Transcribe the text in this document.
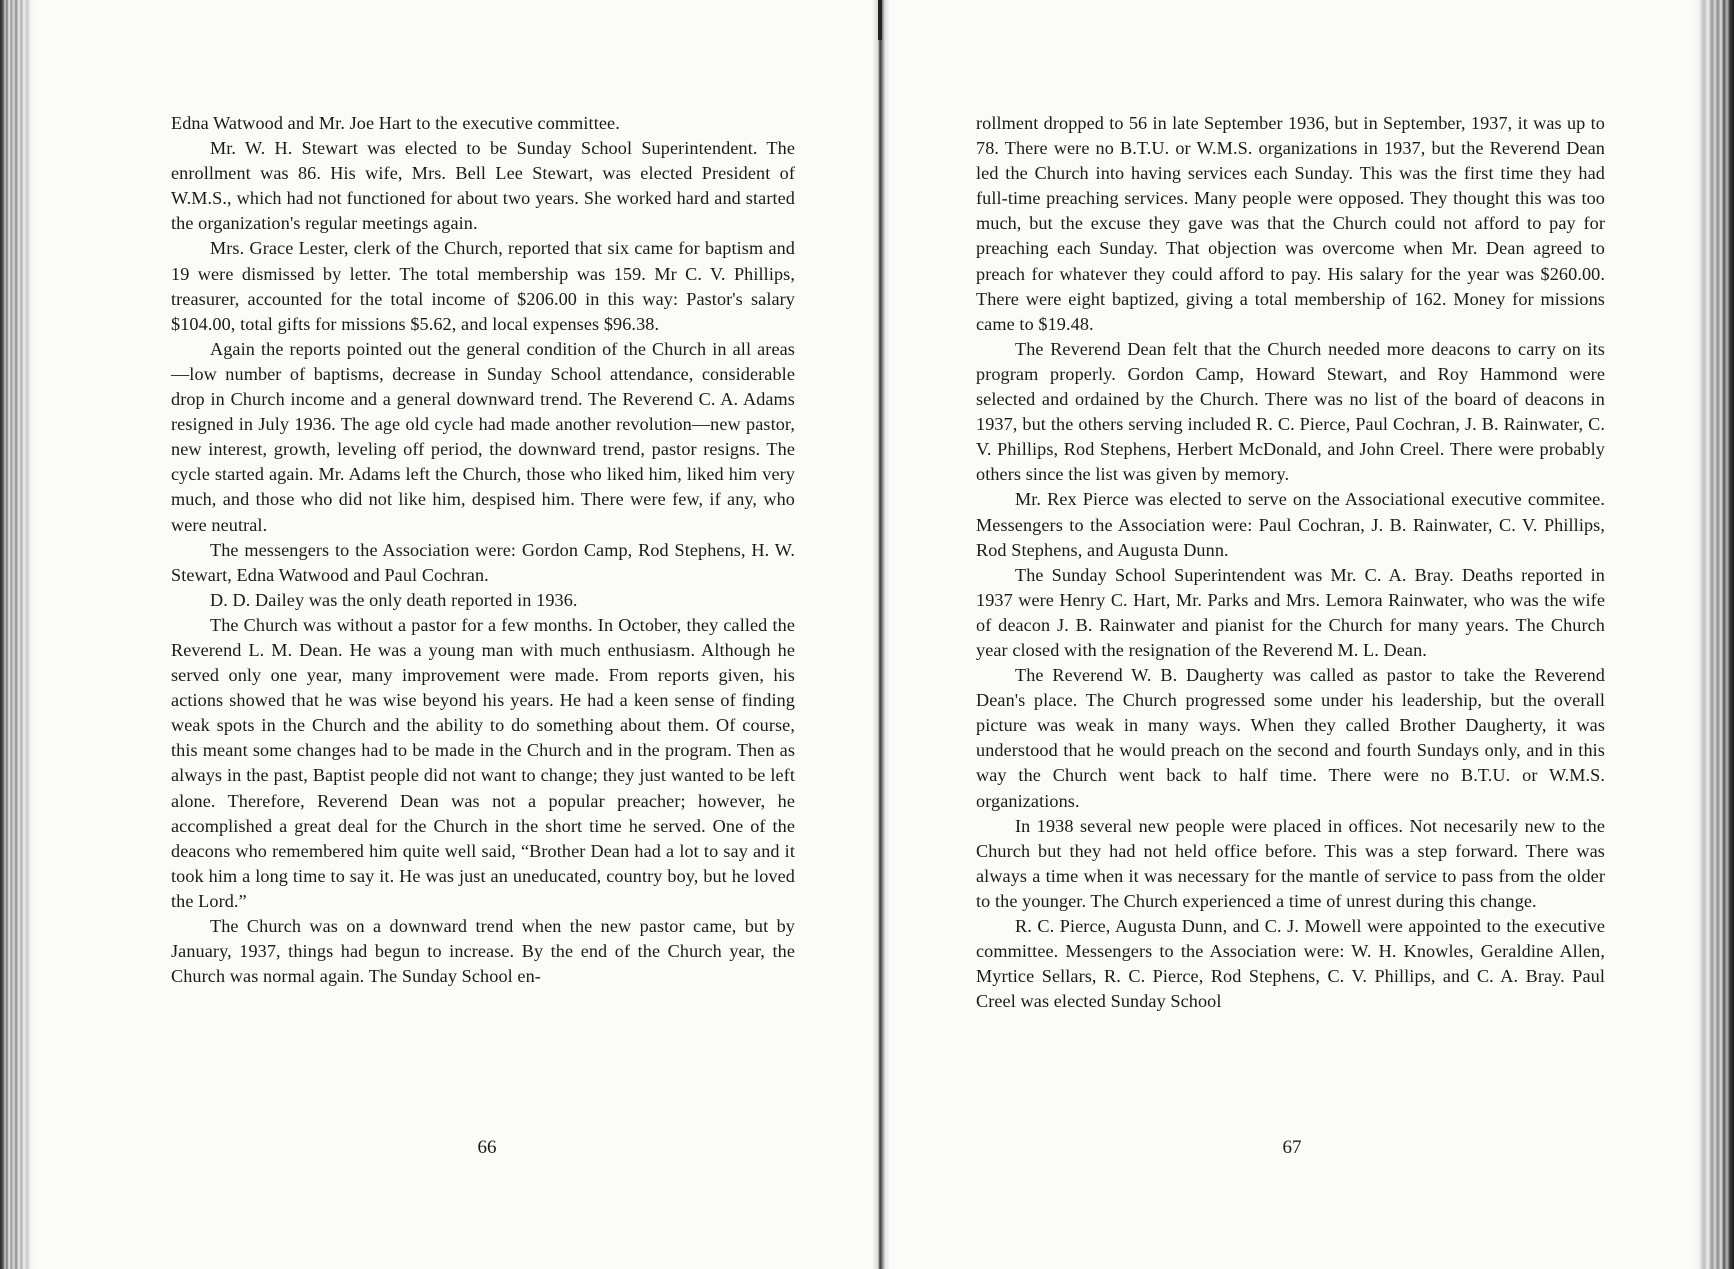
Edna Watwood and Mr. Joe Hart to the executive committee.

Mr. W. H. Stewart was elected to be Sunday School Superintendent. The enrollment was 86. His wife, Mrs. Bell Lee Stewart, was elected President of W.M.S., which had not functioned for about two years. She worked hard and started the organization's regular meetings again.

Mrs. Grace Lester, clerk of the Church, reported that six came for baptism and 19 were dismissed by letter. The total membership was 159. Mr C. V. Phillips, treasurer, accounted for the total income of $206.00 in this way: Pastor's salary $104.00, total gifts for missions $5.62, and local expenses $96.38.

Again the reports pointed out the general condition of the Church in all areas—low number of baptisms, decrease in Sunday School attendance, considerable drop in Church income and a general downward trend. The Reverend C. A. Adams resigned in July 1936. The age old cycle had made another revolution—new pastor, new interest, growth, leveling off period, the downward trend, pastor resigns. The cycle started again. Mr. Adams left the Church, those who liked him, liked him very much, and those who did not like him, despised him. There were few, if any, who were neutral.

The messengers to the Association were: Gordon Camp, Rod Stephens, H. W. Stewart, Edna Watwood and Paul Cochran.

D. D. Dailey was the only death reported in 1936.

The Church was without a pastor for a few months. In October, they called the Reverend L. M. Dean. He was a young man with much enthusiasm. Although he served only one year, many improvement were made. From reports given, his actions showed that he was wise beyond his years. He had a keen sense of finding weak spots in the Church and the ability to do something about them. Of course, this meant some changes had to be made in the Church and in the program. Then as always in the past, Baptist people did not want to change; they just wanted to be left alone. Therefore, Reverend Dean was not a popular preacher; however, he accomplished a great deal for the Church in the short time he served. One of the deacons who remembered him quite well said, “Brother Dean had a lot to say and it took him a long time to say it. He was just an uneducated, country boy, but he loved the Lord.”

The Church was on a downward trend when the new pastor came, but by January, 1937, things had begun to increase. By the end of the Church year, the Church was normal again. The Sunday School en-

66

rollment dropped to 56 in late September 1936, but in September, 1937, it was up to 78. There were no B.T.U. or W.M.S. organizations in 1937, but the Reverend Dean led the Church into having services each Sunday. This was the first time they had full-time preaching services. Many people were opposed. They thought this was too much, but the excuse they gave was that the Church could not afford to pay for preaching each Sunday. That objection was overcome when Mr. Dean agreed to preach for whatever they could afford to pay. His salary for the year was $260.00. There were eight baptized, giving a total membership of 162. Money for missions came to $19.48.

The Reverend Dean felt that the Church needed more deacons to carry on its program properly. Gordon Camp, Howard Stewart, and Roy Hammond were selected and ordained by the Church. There was no list of the board of deacons in 1937, but the others serving included R. C. Pierce, Paul Cochran, J. B. Rainwater, C. V. Phillips, Rod Stephens, Herbert McDonald, and John Creel. There were probably others since the list was given by memory.

Mr. Rex Pierce was elected to serve on the Associational executive commitee. Messengers to the Association were: Paul Cochran, J. B. Rainwater, C. V. Phillips, Rod Stephens, and Augusta Dunn.

The Sunday School Superintendent was Mr. C. A. Bray. Deaths reported in 1937 were Henry C. Hart, Mr. Parks and Mrs. Lemora Rainwater, who was the wife of deacon J. B. Rainwater and pianist for the Church for many years. The Church year closed with the resignation of the Reverend M. L. Dean.

The Reverend W. B. Daugherty was called as pastor to take the Reverend Dean's place. The Church progressed some under his leadership, but the overall picture was weak in many ways. When they called Brother Daugherty, it was understood that he would preach on the second and fourth Sundays only, and in this way the Church went back to half time. There were no B.T.U. or W.M.S. organizations.

In 1938 several new people were placed in offices. Not necesarily new to the Church but they had not held office before. This was a step forward. There was always a time when it was necessary for the mantle of service to pass from the older to the younger. The Church experienced a time of unrest during this change.

R. C. Pierce, Augusta Dunn, and C. J. Mowell were appointed to the executive committee. Messengers to the Association were: W. H. Knowles, Geraldine Allen, Myrtice Sellars, R. C. Pierce, Rod Stephens, C. V. Phillips, and C. A. Bray. Paul Creel was elected Sunday School

67
